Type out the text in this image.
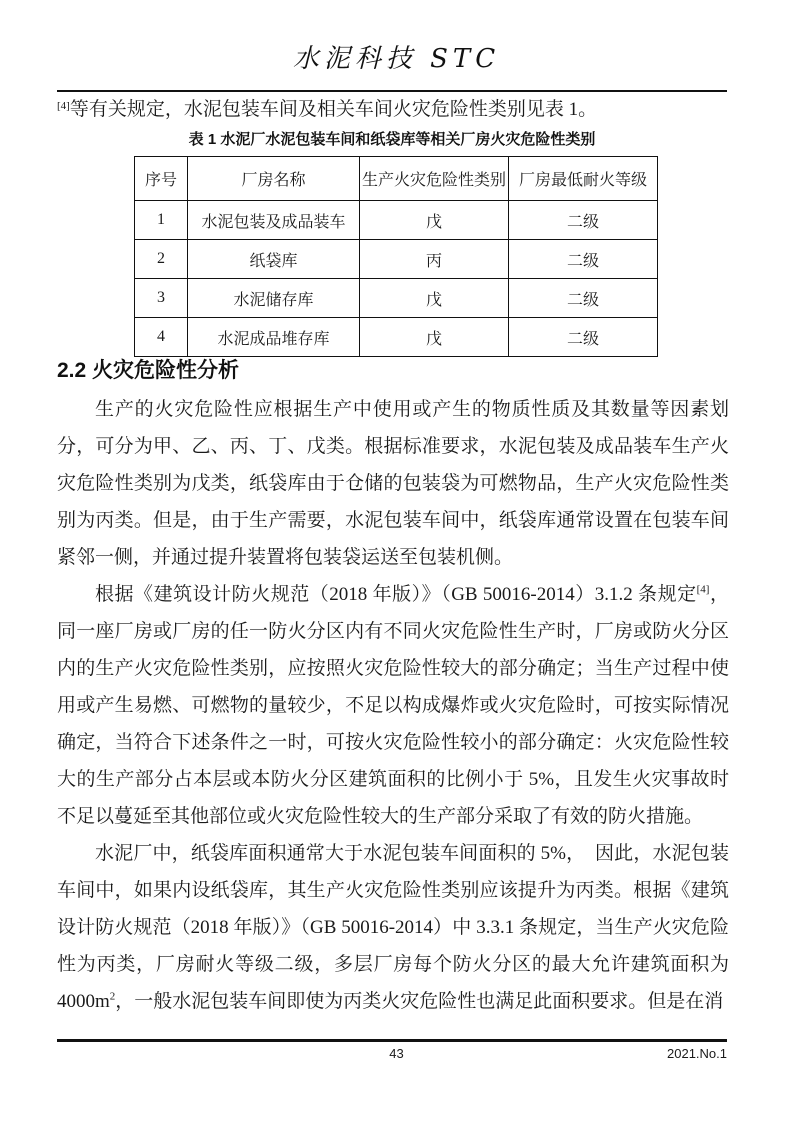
水泥科技 STC

[4]等有关规定，水泥包装车间及相关车间火灾危险性类别见表 1。

表 1 水泥厂水泥包装车间和纸袋库等相关厂房火灾危险性类别
序号	厂房名称	生产火灾危险性类别	厂房最低耐火等级
1	水泥包装及成品装车	戊	二级
2	纸袋库	丙	二级
3	水泥储存库	戊	二级
4	水泥成品堆存库	戊	二级
2.2 火灾危险性分析

生产的火灾危险性应根据生产中使用或产生的物质性质及其数量等因素划分，可分为甲、乙、丙、丁、戊类。根据标准要求，水泥包装及成品装车生产火灾危险性类别为戊类，纸袋库由于仓储的包装袋为可燃物品，生产火灾危险性类别为丙类。但是，由于生产需要，水泥包装车间中，纸袋库通常设置在包装车间紧邻一侧，并通过提升装置将包装袋运送至包装机侧。

根据《建筑设计防火规范（2018 年版）》（GB 50016-2014）3.1.2 条规定[4]，同一座厂房或厂房的任一防火分区内有不同火灾危险性生产时，厂房或防火分区内的生产火灾危险性类别，应按照火灾危险性较大的部分确定；当生产过程中使用或产生易燃、可燃物的量较少，不足以构成爆炸或火灾危险时，可按实际情况确定，当符合下述条件之一时，可按火灾危险性较小的部分确定：火灾危险性较大的生产部分占本层或本防火分区建筑面积的比例小于 5%，且发生火灾事故时不足以蔓延至其他部位或火灾危险性较大的生产部分采取了有效的防火措施。

水泥厂中，纸袋库面积通常大于水泥包装车间面积的 5%，　因此，水泥包装车间中，如果内设纸袋库，其生产火灾危险性类别应该提升为丙类。根据《建筑设计防火规范（2018 年版）》（GB 50016-2014）中 3.3.1 条规定，当生产火灾危险性为丙类，厂房耐火等级二级，多层厂房每个防火分区的最大允许建筑面积为 $4000m^2$，一般水泥包装车间即使为丙类火灾危险性也满足此面积要求。但是在消

43	2021.No.1
